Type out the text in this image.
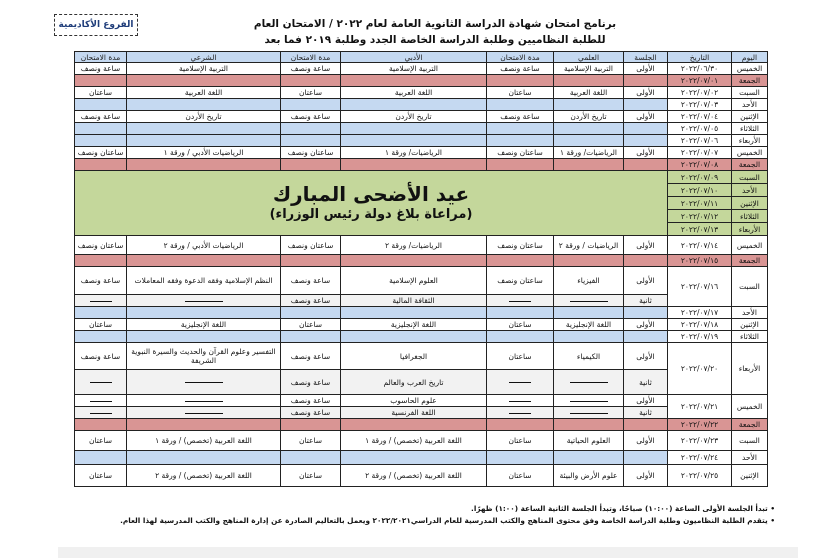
برنامج امتحان شهادة الدراسة الثانوية العامة لعام ٢٠٢٢ / الامتحان العام
للطلبة النظاميين وطلبة الدراسة الخاصة الجدد وطلبة ٢٠١٩ فما بعد
الفروع الأكاديمية
اليوم	التاريخ	الجلسة	العلمي	مدة الامتحان	الأدبي	مدة الامتحان	الشرعي	مدة الامتحان
الخميس	٢٠٢٢/٠٦/٣٠	الأولى	التربية الإسلامية	ساعة ونصف	التربية الإسلامية	ساعة ونصف	التربية الإسلامية	ساعة ونصف
الجمعة	٢٠٢٢/٠٧/٠١							
السبت	٢٠٢٢/٠٧/٠٢	الأولى	اللغة العربية	ساعتان	اللغة العربية	ساعتان	اللغة العربية	ساعتان
الأحد	٢٠٢٢/٠٧/٠٣							
الإثنين	٢٠٢٢/٠٧/٠٤	الأولى	تاريخ الأردن	ساعة ونصف	تاريخ الأردن	ساعة ونصف	تاريخ الأردن	ساعة ونصف
الثلاثاء	٢٠٢٢/٠٧/٠٥							
الأربعاء	٢٠٢٢/٠٧/٠٦							
الخميس	٢٠٢٢/٠٧/٠٧	الأولى	الرياضيات/ ورقة ١	ساعتان ونصف	الرياضيات/ ورقة ١	ساعتان ونصف	الرياضيات الأدبي / ورقة ١	ساعتان ونصف
الجمعة	٢٠٢٢/٠٧/٠٨							
السبت	٢٠٢٢/٠٧/٠٩	عيد الأضحى المبارك
(مراعاة بلاغ دولة رئيس الوزراء)						

الأحد	٢٠٢٢/٠٧/١٠							
الإثنين	٢٠٢٢/٠٧/١١							
الثلاثاء	٢٠٢٢/٠٧/١٢							
الأربعاء	٢٠٢٢/٠٧/١٣							
الخميس	٢٠٢٢/٠٧/١٤	الأولى	الرياضيات / ورقة ٢	ساعتان ونصف	الرياضيات/ ورقة ٢	ساعتان ونصف	الرياضيات الأدبي / ورقة ٢	ساعتان ونصف
الجمعة	٢٠٢٢/٠٧/١٥							
السبت	٢٠٢٢/٠٧/١٦	الأولى	الفيزياء	ساعتان ونصف	العلوم الإسلامية	ساعة ونصف	النظم الإسلامية وفقه الدعوة وفقه المعاملات	ساعة ونصف
		ثانية			الثقافة المالية	ساعة ونصف		
الأحد	٢٠٢٢/٠٧/١٧							
الإثنين	٢٠٢٢/٠٧/١٨	الأولى	اللغة الإنجليزية	ساعتان	اللغة الإنجليزية	ساعتان	اللغة الإنجليزية	ساعتان
الثلاثاء	٢٠٢٢/٠٧/١٩							
الأربعاء	٢٠٢٢/٠٧/٢٠	الأولى	الكيمياء	ساعتان	الجغرافيا	ساعة ونصف	التفسير وعلوم القرآن والحديث والسيرة النبوية الشريفة	ساعة ونصف
		ثانية			تاريخ العرب والعالم	ساعة ونصف		
الخميس	٢٠٢٢/٠٧/٢١	الأولى			علوم الحاسوب	ساعة ونصف		
		ثانية			اللغة الفرنسية	ساعة ونصف		
الجمعة	٢٠٢٢/٠٧/٢٢							
السبت	٢٠٢٢/٠٧/٢٣	الأولى	العلوم الحياتية	ساعتان	اللغة العربية (تخصص) / ورقة ١	ساعتان	اللغة العربية (تخصص) / ورقة ١	ساعتان
الأحد	٢٠٢٢/٠٧/٢٤							
الإثنين	٢٠٢٢/٠٧/٢٥	الأولى	علوم الأرض والبيئة	ساعتان	اللغة العربية (تخصص) / ورقة ٢	ساعتان	اللغة العربية (تخصص) / ورقة ٢	ساعتان
• تبدأ الجلسة الأولى الساعة (١٠:٠٠) صباحًا، وتبدأ الجلسة الثانية الساعة (١:٠٠) ظهرًا.
• يتقدم الطلبة النظاميون وطلبة الدراسة الخاصة وفق محتوى المناهج والكتب المدرسية للعام الدراسي٢٠٢٢/٢٠٢١ ويعمل بالتعاليم الصادرة عن إدارة المناهج والكتب المدرسية لهذا العام.
